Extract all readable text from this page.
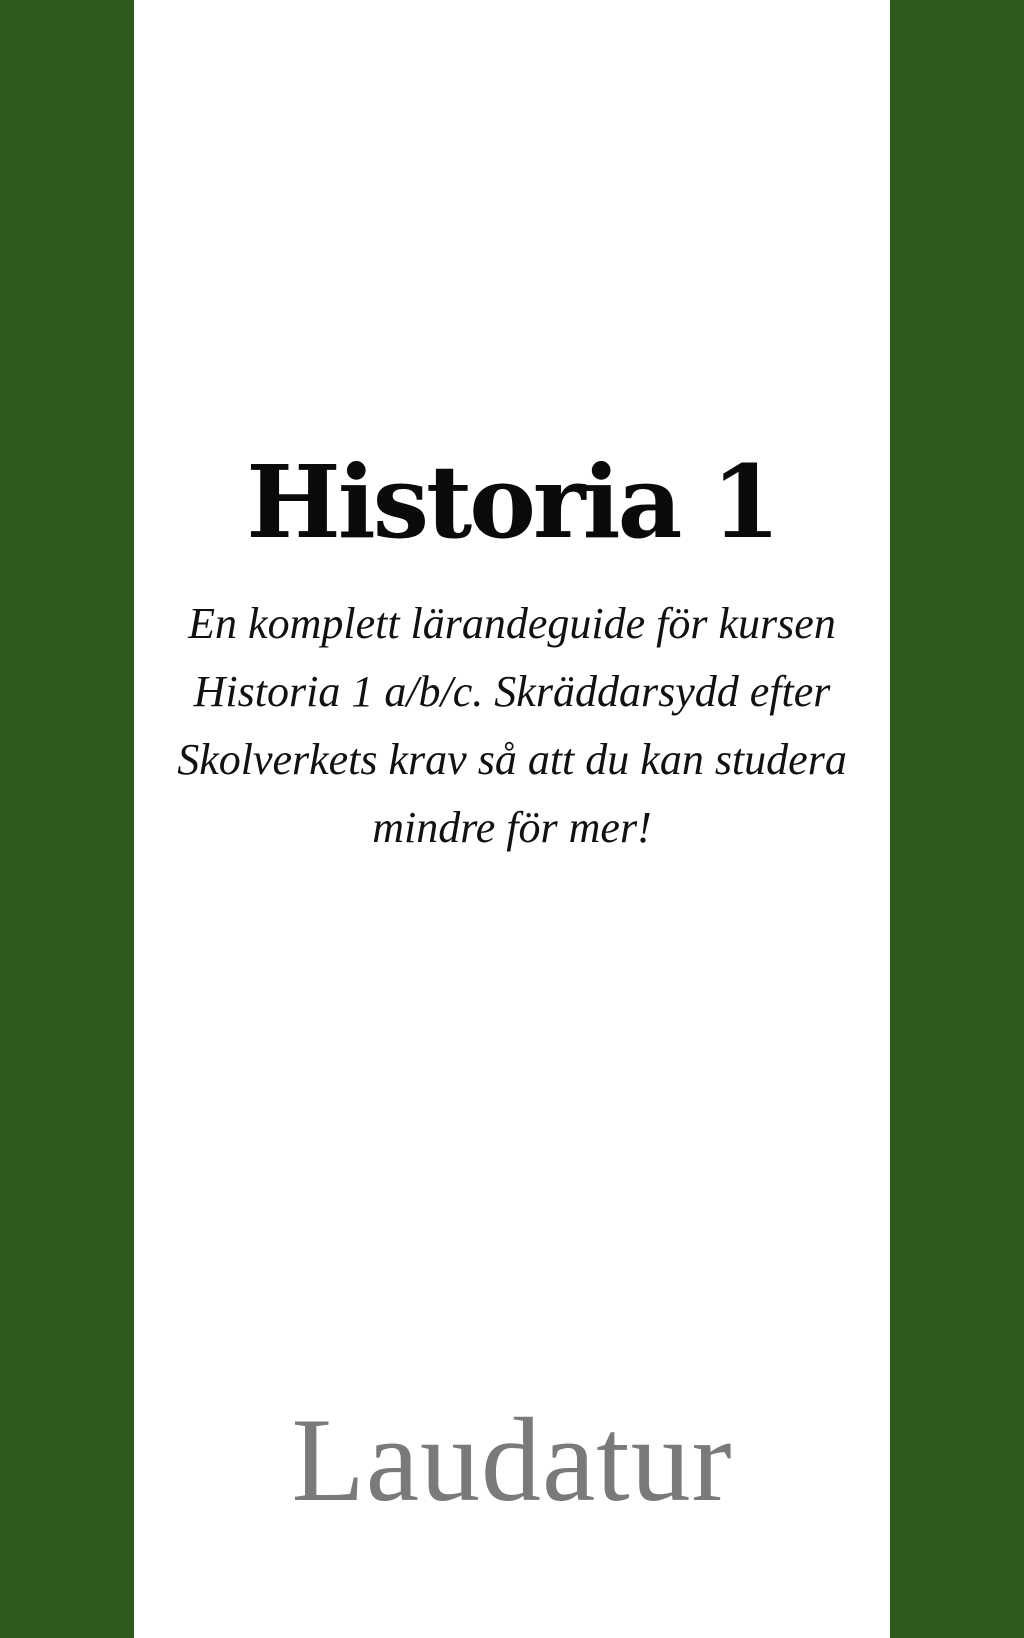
Historia 1

En komplett lärandeguide för kursen Historia 1 a/b/c. Skräddarsydd efter Skolverkets krav så att du kan studera mindre för mer!

Laudatur
